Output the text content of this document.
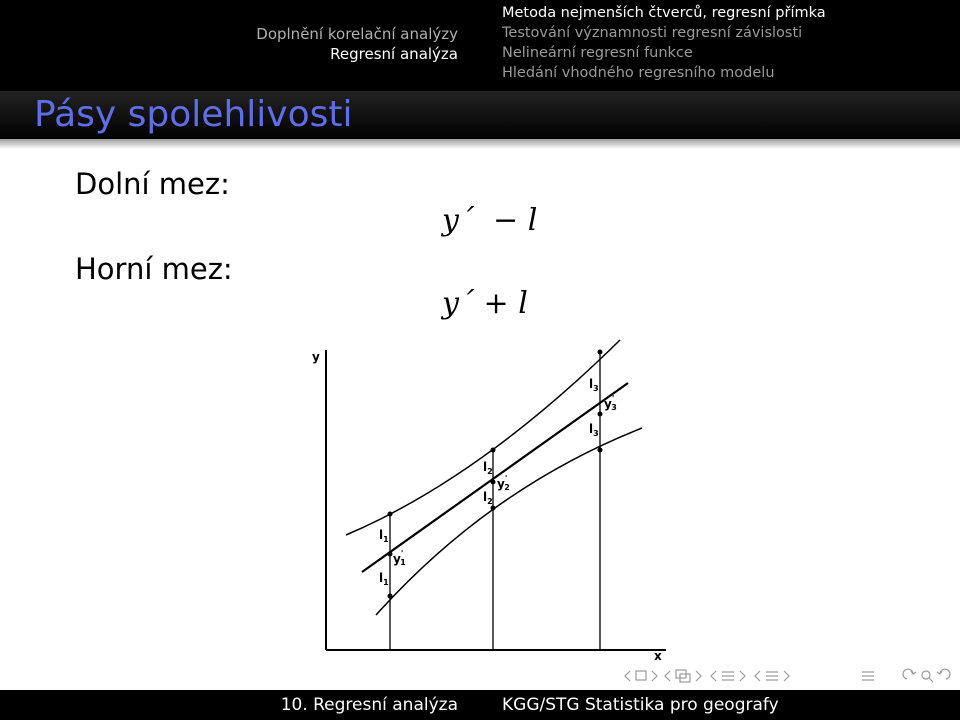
Doplnění korelační analýzy
Regresní analýza
Metoda nejmenších čtverců, regresní přímka
Testování významnosti regresní závislosti
Nelineární regresní funkce
Hledání vhodného regresního modelu
Pásy spolehlivosti
Dolní mez:
Horní mez:
y´ − l
y´ + l
y
x
$l_1$
y' 1
$l_1$
$l_2$
y' 2
$l_2$
$l_3$
y' 3
$l_3$
10. Regresní analýza	KGG/STG Statistika pro geografy
